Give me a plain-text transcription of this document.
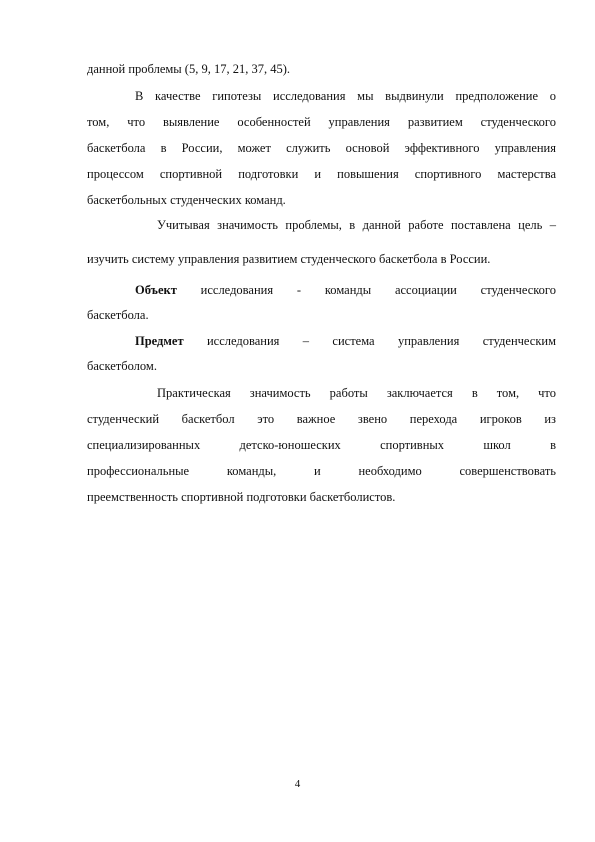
данной проблемы (5, 9, 17, 21, 37, 45).
В качестве гипотезы исследования мы выдвинули предположение о
том, что выявление особенностей управления развитием студенческого
баскетбола в России, может служить основой эффективного управления
процессом спортивной подготовки и повышения спортивного мастерства
баскетбольных студенческих команд.
Учитывая значимость проблемы, в данной работе поставлена цель –
изучить систему управления развитием студенческого баскетбола в России.
Объект исследования - команды ассоциации студенческого
баскетбола.
Предмет исследования – система управления студенческим
баскетболом.
Практическая значимость работы заключается в том, что
студенческий баскетбол это важное звено перехода игроков из
специализированных детско-юношеских спортивных школ в
профессиональные команды, и необходимо совершенствовать
преемственность спортивной подготовки баскетболистов.
4
